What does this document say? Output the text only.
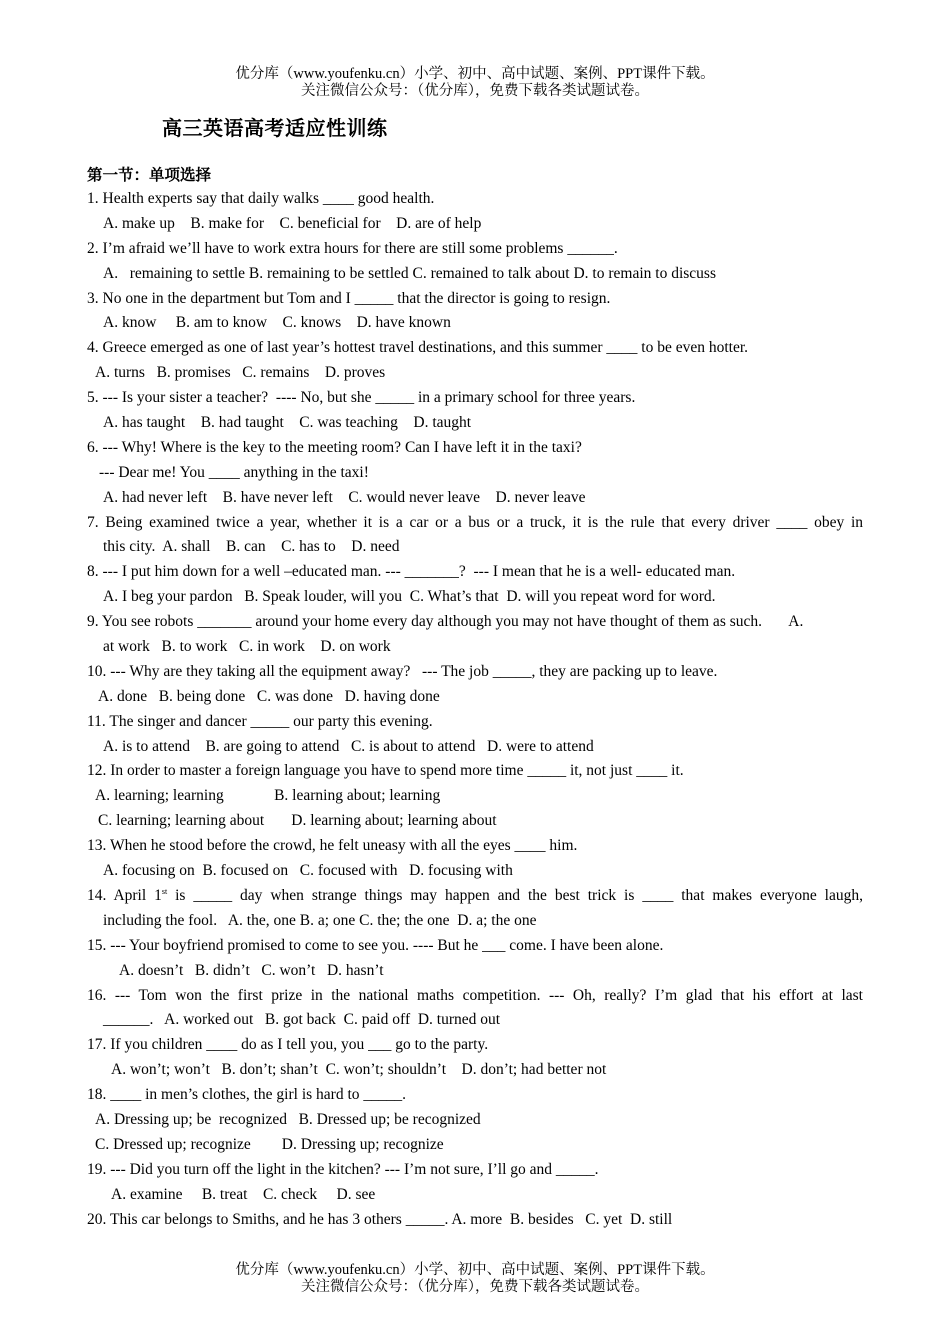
优分库（www.youfenku.cn）小学、初中、高中试题、案例、PPT课件下载。
关注微信公众号：（优分库），免费下载各类试题试卷。
高三英语高考适应性训练
第一节：单项选择
1. Health experts say that daily walks ____ good health.
A. make up    B. make for    C. beneficial for    D. are of help
2. I’m afraid we’ll have to work extra hours for there are still some problems ______.
A.   remaining to settle B. remaining to be settled C. remained to talk about D. to remain to discuss
3. No one in the department but Tom and I _____ that the director is going to resign.
A. know     B. am to know    C. knows    D. have known
4. Greece emerged as one of last year’s hottest travel destinations, and this summer ____ to be even hotter.
A. turns   B. promises   C. remains    D. proves
5. --- Is your sister a teacher?  ---- No, but she _____ in a primary school for three years.
A. has taught    B. had taught    C. was teaching    D. taught
6. --- Why! Where is the key to the meeting room? Can I have left it in the taxi?
--- Dear me! You ____ anything in the taxi!
A. had never left    B. have never left    C. would never leave    D. never leave
7. Being examined twice a year, whether it is a car or a bus or a truck, it is the rule that every driver ____ obey in
this city.  A. shall    B. can    C. has to    D. need
8. --- I put him down for a well –educated man. --- _______?  --- I mean that he is a well- educated man.
A. I beg your pardon   B. Speak louder, will you  C. What’s that  D. will you repeat word for word.
9. You see robots _______ around your home every day although you may not have thought of them as such.       A.
at work   B. to work   C. in work    D. on work
10. --- Why are they taking all the equipment away?   --- The job _____, they are packing up to leave.
A. done   B. being done   C. was done   D. having done
11. The singer and dancer _____ our party this evening.
A. is to attend    B. are going to attend   C. is about to attend   D. were to attend
12. In order to master a foreign language you have to spend more time _____ it, not just ____ it.
A. learning; learning             B. learning about; learning
C. learning; learning about       D. learning about; learning about
13. When he stood before the crowd, he felt uneasy with all the eyes ____ him.
A. focusing on  B. focused on   C. focused with   D. focusing with
14. April 1st is _____ day when strange things may happen and the best trick is ____ that makes everyone laugh,
including the fool.   A. the, one B. a; one C. the; the one  D. a; the one
15. --- Your boyfriend promised to come to see you. ---- But he ___ come. I have been alone.
A. doesn’t   B. didn’t   C. won’t   D. hasn’t
16. --- Tom won the first prize in the national maths competition. --- Oh, really? I’m glad that his effort at last
______.   A. worked out   B. got back  C. paid off  D. turned out
17. If you children ____ do as I tell you, you ___ go to the party.
A. won’t; won’t   B. don’t; shan’t  C. won’t; shouldn’t    D. don’t; had better not
18. ____ in men’s clothes, the girl is hard to _____.
A. Dressing up; be  recognized   B. Dressed up; be recognized
C. Dressed up; recognize        D. Dressing up; recognize
19. --- Did you turn off the light in the kitchen? --- I’m not sure, I’ll go and _____.
A. examine     B. treat    C. check     D. see
20. This car belongs to Smiths, and he has 3 others _____. A. more  B. besides   C. yet  D. still
优分库（www.youfenku.cn）小学、初中、高中试题、案例、PPT课件下载。
关注微信公众号：（优分库），免费下载各类试题试卷。
